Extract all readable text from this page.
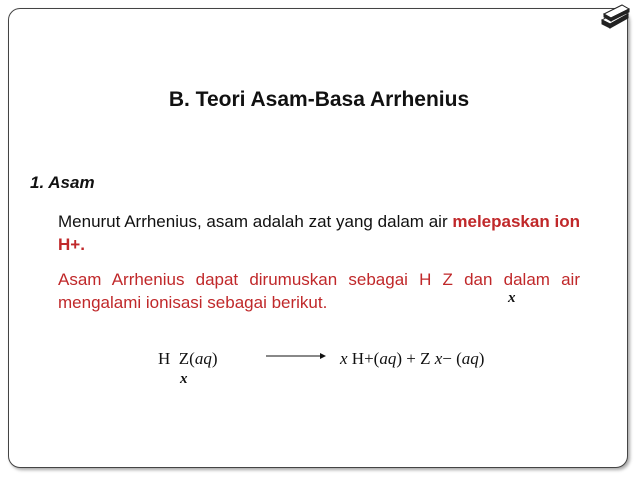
B. Teori Asam-Basa Arrhenius
1. Asam
Menurut Arrhenius, asam adalah zat yang dalam air melepaskan ion H+.
Asam Arrhenius dapat dirumuskan sebagai H Z dan dalam air mengalami ionisasi sebagai berikut.	x
H Z(aq)
x
→ x H+(aq) + Z x− (aq)
